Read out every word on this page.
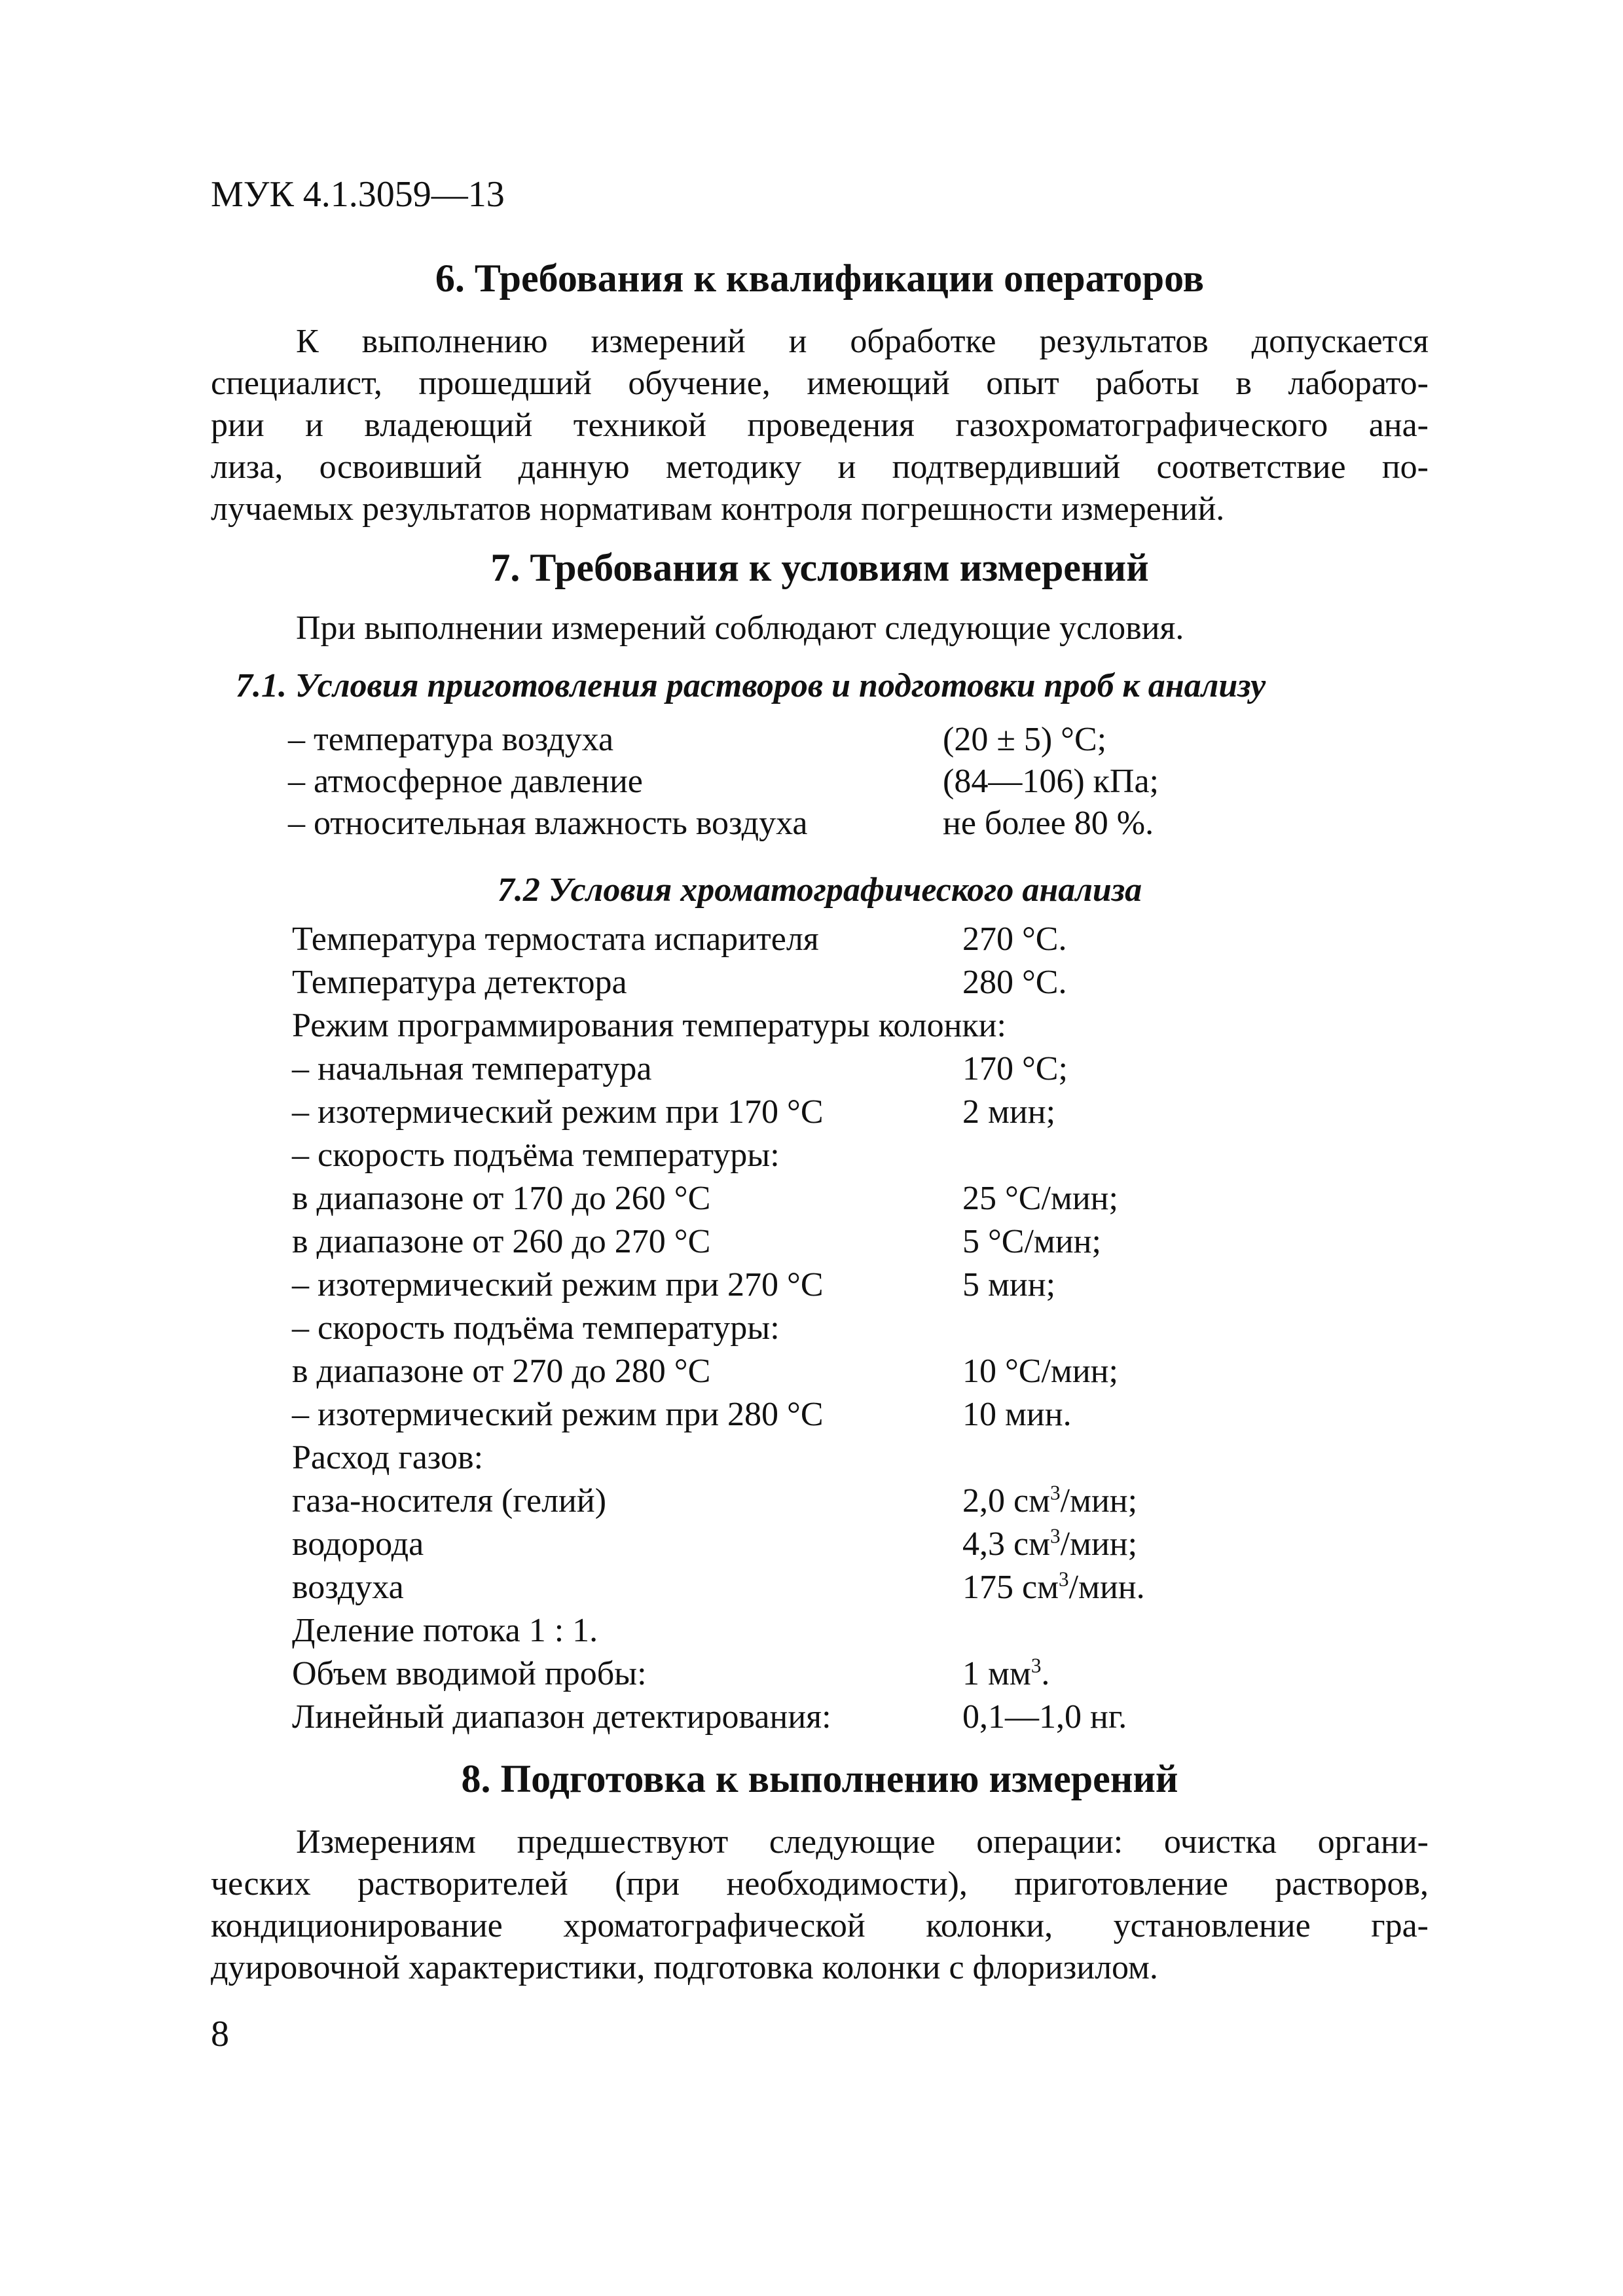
МУК 4.1.3059—13
6. Требования к квалификации операторов
К выполнению измерений и обработке результатов допускается
специалист, прошедший обучение, имеющий опыт работы в лаборато-
рии и владеющий техникой проведения газохроматографического ана-
лиза, освоивший данную методику и подтвердивший соответствие по-
лучаемых результатов нормативам контроля погрешности измерений.
7. Требования к условиям измерений
При выполнении измерений соблюдают следующие условия.
7.1. Условия приготовления растворов и подготовки проб к анализу
– температура воздуха	(20 ± 5) °С;
– атмосферное давление	(84—106) кПа;
– относительная влажность воздуха	не более 80 %.
7.2 Условия хроматографического анализа
Температура термостата испарителя	270 °С.
Температура детектора	280 °С.
Режим программирования температуры колонки:
– начальная температура	170 °С;
– изотермический режим при 170 °С	2 мин;
– скорость подъёма температуры:
в диапазоне от 170 до 260 °С	25 °С/мин;
в диапазоне от 260 до 270 °С	5 °С/мин;
– изотермический режим при 270 °С	5 мин;
– скорость подъёма температуры:
в диапазоне от 270 до 280 °С	10 °С/мин;
– изотермический режим при 280 °С	10 мин.
Расход газов:
газа-носителя (гелий)	2,0 $см^3$/мин;
водорода	4,3 $см^3$/мин;
воздуха	175 $см^3$/мин.
Деление потока 1 : 1.
Объем вводимой пробы:	1 $мм^3$.
Линейный диапазон детектирования:	0,1—1,0 нг.
8. Подготовка к выполнению измерений
Измерениям предшествуют следующие операции: очистка органи-
ческих растворителей (при необходимости), приготовление растворов,
кондиционирование хроматографической колонки, установление гра-
дуировочной характеристики, подготовка колонки с флоризилом.
8
